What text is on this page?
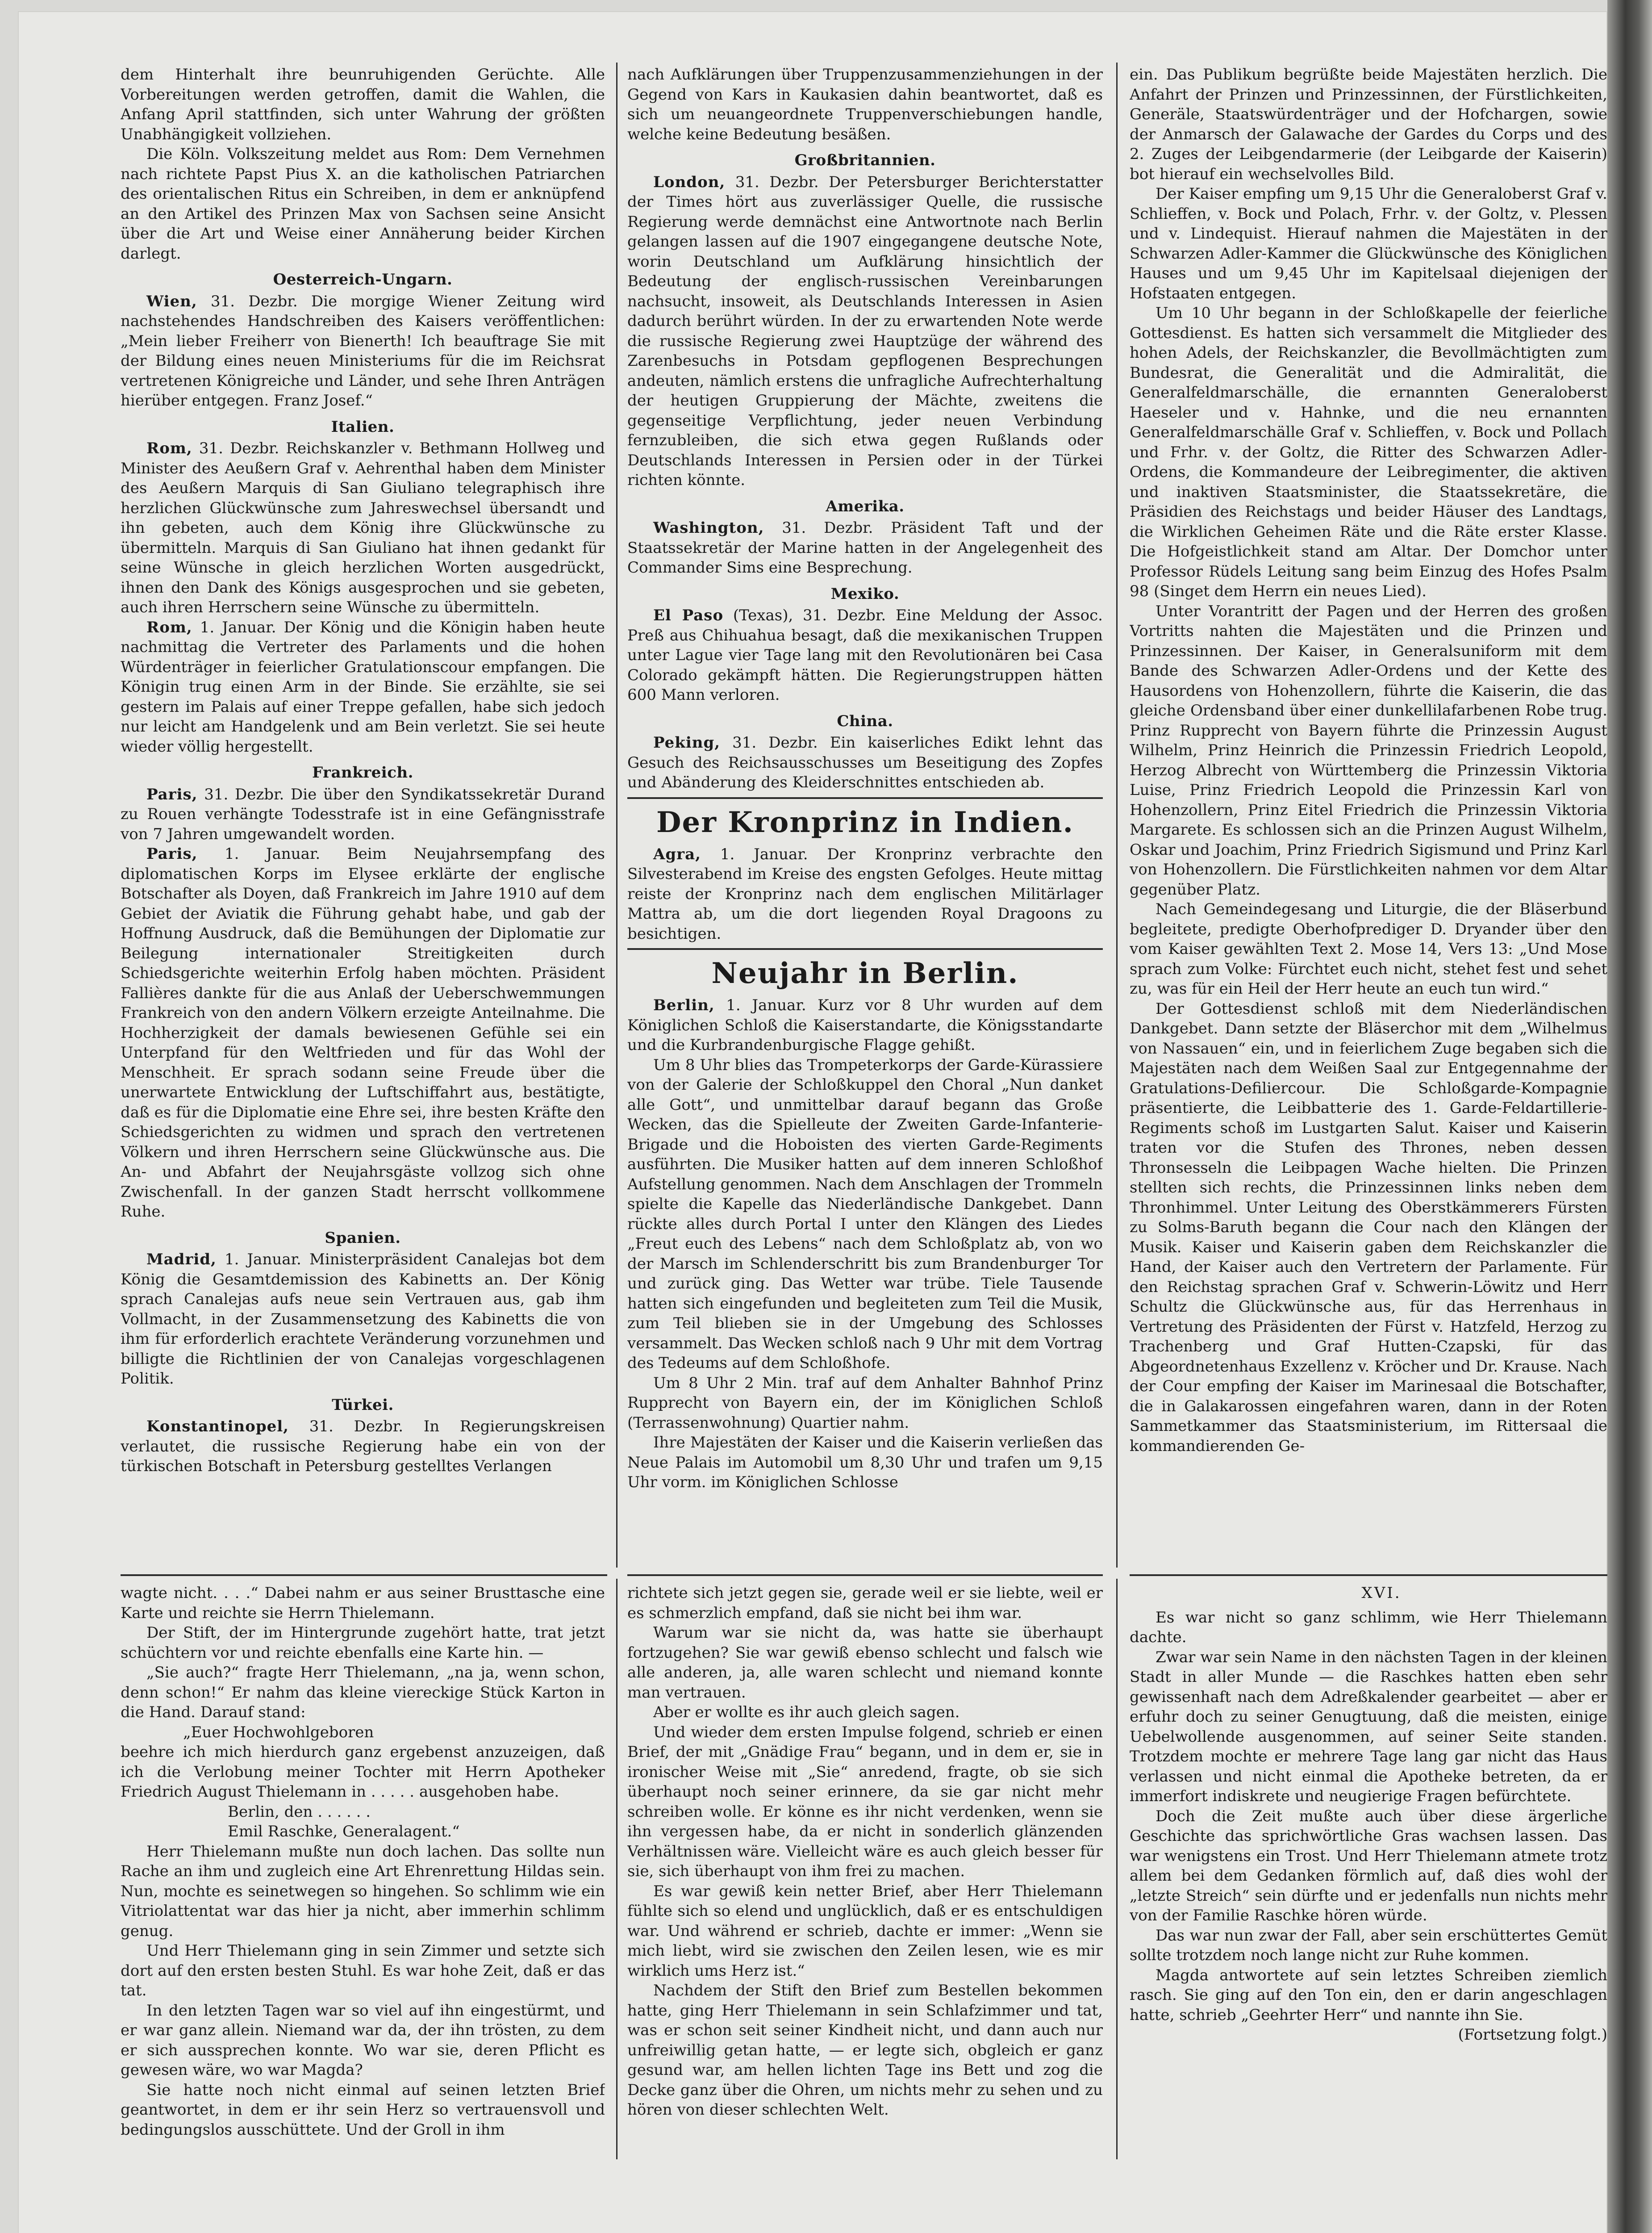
dem Hinterhalt ihre beunruhigenden Gerüchte. Alle Vorbereitungen werden getroffen, damit die Wahlen, die Anfang April stattfinden, sich unter Wahrung der größten Unabhängigkeit vollziehen.

Die Köln. Volkszeitung meldet aus Rom: Dem Vernehmen nach richtete Papst Pius X. an die katholischen Patriarchen des orientalischen Ritus ein Schreiben, in dem er anknüpfend an den Artikel des Prinzen Max von Sachsen seine Ansicht über die Art und Weise einer Annäherung beider Kirchen darlegt.

Oesterreich-Ungarn.

Wien, 31. Dezbr. Die morgige Wiener Zeitung wird nachstehendes Handschreiben des Kaisers veröffentlichen: „Mein lieber Freiherr von Bienerth! Ich beauftrage Sie mit der Bildung eines neuen Ministeriums für die im Reichsrat vertretenen Königreiche und Länder, und sehe Ihren Anträgen hierüber entgegen. Franz Josef.“

Italien.

Rom, 31. Dezbr. Reichskanzler v. Bethmann Hollweg und Minister des Aeußern Graf v. Aehrenthal haben dem Minister des Aeußern Marquis di San Giuliano telegraphisch ihre herzlichen Glückwünsche zum Jahreswechsel übersandt und ihn gebeten, auch dem König ihre Glückwünsche zu übermitteln. Marquis di San Giuliano hat ihnen gedankt für seine Wünsche in gleich herzlichen Worten ausgedrückt, ihnen den Dank des Königs ausgesprochen und sie gebeten, auch ihren Herrschern seine Wünsche zu übermitteln.

Rom, 1. Januar. Der König und die Königin haben heute nachmittag die Vertreter des Parlaments und die hohen Würdenträger in feierlicher Gratulationscour empfangen. Die Königin trug einen Arm in der Binde. Sie erzählte, sie sei gestern im Palais auf einer Treppe gefallen, habe sich jedoch nur leicht am Handgelenk und am Bein verletzt. Sie sei heute wieder völlig hergestellt.

Frankreich.

Paris, 31. Dezbr. Die über den Syndikatssekretär Durand zu Rouen verhängte Todesstrafe ist in eine Gefängnisstrafe von 7 Jahren umgewandelt worden.

Paris, 1. Januar. Beim Neujahrsempfang des diplomatischen Korps im Elysee erklärte der englische Botschafter als Doyen, daß Frankreich im Jahre 1910 auf dem Gebiet der Aviatik die Führung gehabt habe, und gab der Hoffnung Ausdruck, daß die Bemühungen der Diplomatie zur Beilegung internationaler Streitigkeiten durch Schiedsgerichte weiterhin Erfolg haben möchten. Präsident Fallières dankte für die aus Anlaß der Ueberschwemmungen Frankreich von den andern Völkern erzeigte Anteilnahme. Die Hochherzigkeit der damals bewiesenen Gefühle sei ein Unterpfand für den Weltfrieden und für das Wohl der Menschheit. Er sprach sodann seine Freude über die unerwartete Entwicklung der Luftschiffahrt aus, bestätigte, daß es für die Diplomatie eine Ehre sei, ihre besten Kräfte den Schiedsgerichten zu widmen und sprach den vertretenen Völkern und ihren Herrschern seine Glückwünsche aus. Die An- und Abfahrt der Neujahrsgäste vollzog sich ohne Zwischenfall. In der ganzen Stadt herrscht vollkommene Ruhe.

Spanien.

Madrid, 1. Januar. Ministerpräsident Canalejas bot dem König die Gesamtdemission des Kabinetts an. Der König sprach Canalejas aufs neue sein Vertrauen aus, gab ihm Vollmacht, in der Zusammensetzung des Kabinetts die von ihm für erforderlich erachtete Veränderung vorzunehmen und billigte die Richtlinien der von Canalejas vorgeschlagenen Politik.

Türkei.

Konstantinopel, 31. Dezbr. In Regierungskreisen verlautet, die russische Regierung habe ein von der türkischen Botschaft in Petersburg gestelltes Verlangen

nach Aufklärungen über Truppenzusammenziehungen in der Gegend von Kars in Kaukasien dahin beantwortet, daß es sich um neuangeordnete Truppenverschiebungen handle, welche keine Bedeutung besäßen.

Großbritannien.

London, 31. Dezbr. Der Petersburger Berichterstatter der Times hört aus zuverlässiger Quelle, die russische Regierung werde demnächst eine Antwortnote nach Berlin gelangen lassen auf die 1907 eingegangene deutsche Note, worin Deutschland um Aufklärung hinsichtlich der Bedeutung der englisch-russischen Vereinbarungen nachsucht, insoweit, als Deutschlands Interessen in Asien dadurch berührt würden. In der zu erwartenden Note werde die russische Regierung zwei Hauptzüge der während des Zarenbesuchs in Potsdam gepflogenen Besprechungen andeuten, nämlich erstens die unfragliche Aufrechterhaltung der heutigen Gruppierung der Mächte, zweitens die gegenseitige Verpflichtung, jeder neuen Verbindung fernzubleiben, die sich etwa gegen Rußlands oder Deutschlands Interessen in Persien oder in der Türkei richten könnte.

Amerika.

Washington, 31. Dezbr. Präsident Taft und der Staatssekretär der Marine hatten in der Angelegenheit des Commander Sims eine Besprechung.

Mexiko.

El Paso (Texas), 31. Dezbr. Eine Meldung der Assoc. Preß aus Chihuahua besagt, daß die mexikanischen Truppen unter Lague vier Tage lang mit den Revolutionären bei Casa Colorado gekämpft hätten. Die Regierungstruppen hätten 600 Mann verloren.

China.

Peking, 31. Dezbr. Ein kaiserliches Edikt lehnt das Gesuch des Reichsausschusses um Beseitigung des Zopfes und Abänderung des Kleiderschnittes entschieden ab.

Der Kronprinz in Indien.

Agra, 1. Januar. Der Kronprinz verbrachte den Silvesterabend im Kreise des engsten Gefolges. Heute mittag reiste der Kronprinz nach dem englischen Militärlager Mattra ab, um die dort liegenden Royal Dragoons zu besichtigen.

Neujahr in Berlin.

Berlin, 1. Januar. Kurz vor 8 Uhr wurden auf dem Königlichen Schloß die Kaiserstandarte, die Königsstandarte und die Kurbrandenburgische Flagge gehißt.

Um 8 Uhr blies das Trompeterkorps der Garde-Kürassiere von der Galerie der Schloßkuppel den Choral „Nun danket alle Gott“, und unmittelbar darauf begann das Große Wecken, das die Spielleute der Zweiten Garde-Infanterie-Brigade und die Hoboisten des vierten Garde-Regiments ausführten. Die Musiker hatten auf dem inneren Schloßhof Aufstellung genommen. Nach dem Anschlagen der Trommeln spielte die Kapelle das Niederländische Dankgebet. Dann rückte alles durch Portal I unter den Klängen des Liedes „Freut euch des Lebens“ nach dem Schloßplatz ab, von wo der Marsch im Schlenderschritt bis zum Brandenburger Tor und zurück ging. Das Wetter war trübe. Tiele Tausende hatten sich eingefunden und begleiteten zum Teil die Musik, zum Teil blieben sie in der Umgebung des Schlosses versammelt. Das Wecken schloß nach 9 Uhr mit dem Vortrag des Tedeums auf dem Schloßhofe.

Um 8 Uhr 2 Min. traf auf dem Anhalter Bahnhof Prinz Rupprecht von Bayern ein, der im Königlichen Schloß (Terrassenwohnung) Quartier nahm.

Ihre Majestäten der Kaiser und die Kaiserin verließen das Neue Palais im Automobil um 8,30 Uhr und trafen um 9,15 Uhr vorm. im Königlichen Schlosse

ein. Das Publikum begrüßte beide Majestäten herzlich. Die Anfahrt der Prinzen und Prinzessinnen, der Fürstlichkeiten, Generäle, Staatswürdenträger und der Hofchargen, sowie der Anmarsch der Galawache der Gardes du Corps und des 2. Zuges der Leibgendarmerie (der Leibgarde der Kaiserin) bot hierauf ein wechselvolles Bild.

Der Kaiser empfing um 9,15 Uhr die Generaloberst Graf v. Schlieffen, v. Bock und Polach, Frhr. v. der Goltz, v. Plessen und v. Lindequist. Hierauf nahmen die Majestäten in der Schwarzen Adler-Kammer die Glückwünsche des Königlichen Hauses und um 9,45 Uhr im Kapitelsaal diejenigen der Hofstaaten entgegen.

Um 10 Uhr begann in der Schloßkapelle der feierliche Gottesdienst. Es hatten sich versammelt die Mitglieder des hohen Adels, der Reichskanzler, die Bevollmächtigten zum Bundesrat, die Generalität und die Admiralität, die Generalfeldmarschälle, die ernannten Generaloberst Haeseler und v. Hahnke, und die neu ernannten Generalfeldmarschälle Graf v. Schlieffen, v. Bock und Pollach und Frhr. v. der Goltz, die Ritter des Schwarzen Adler-Ordens, die Kommandeure der Leibregimenter, die aktiven und inaktiven Staatsminister, die Staatssekretäre, die Präsidien des Reichstags und beider Häuser des Landtags, die Wirklichen Geheimen Räte und die Räte erster Klasse. Die Hofgeistlichkeit stand am Altar. Der Domchor unter Professor Rüdels Leitung sang beim Einzug des Hofes Psalm 98 (Singet dem Herrn ein neues Lied).

Unter Vorantritt der Pagen und der Herren des großen Vortritts nahten die Majestäten und die Prinzen und Prinzessinnen. Der Kaiser, in Generalsuniform mit dem Bande des Schwarzen Adler-Ordens und der Kette des Hausordens von Hohenzollern, führte die Kaiserin, die das gleiche Ordensband über einer dunkellilafarbenen Robe trug. Prinz Rupprecht von Bayern führte die Prinzessin August Wilhelm, Prinz Heinrich die Prinzessin Friedrich Leopold, Herzog Albrecht von Württemberg die Prinzessin Viktoria Luise, Prinz Friedrich Leopold die Prinzessin Karl von Hohenzollern, Prinz Eitel Friedrich die Prinzessin Viktoria Margarete. Es schlossen sich an die Prinzen August Wilhelm, Oskar und Joachim, Prinz Friedrich Sigismund und Prinz Karl von Hohenzollern. Die Fürstlichkeiten nahmen vor dem Altar gegenüber Platz.

Nach Gemeindegesang und Liturgie, die der Bläserbund begleitete, predigte Oberhofprediger D. Dryander über den vom Kaiser gewählten Text 2. Mose 14, Vers 13: „Und Mose sprach zum Volke: Fürchtet euch nicht, stehet fest und sehet zu, was für ein Heil der Herr heute an euch tun wird.“

Der Gottesdienst schloß mit dem Niederländischen Dankgebet. Dann setzte der Bläserchor mit dem „Wilhelmus von Nassauen“ ein, und in feierlichem Zuge begaben sich die Majestäten nach dem Weißen Saal zur Entgegennahme der Gratulations-Defiliercour. Die Schloßgarde-Kompagnie präsentierte, die Leibbatterie des 1. Garde-Feldartillerie-Regiments schoß im Lustgarten Salut. Kaiser und Kaiserin traten vor die Stufen des Thrones, neben dessen Thronsesseln die Leibpagen Wache hielten. Die Prinzen stellten sich rechts, die Prinzessinnen links neben dem Thronhimmel. Unter Leitung des Oberstkämmerers Fürsten zu Solms-Baruth begann die Cour nach den Klängen der Musik. Kaiser und Kaiserin gaben dem Reichskanzler die Hand, der Kaiser auch den Vertretern der Parlamente. Für den Reichstag sprachen Graf v. Schwerin-Löwitz und Herr Schultz die Glückwünsche aus, für das Herrenhaus in Vertretung des Präsidenten der Fürst v. Hatzfeld, Herzog zu Trachenberg und Graf Hutten-Czapski, für das Abgeordnetenhaus Exzellenz v. Kröcher und Dr. Krause. Nach der Cour empfing der Kaiser im Marinesaal die Botschafter, die in Galakarossen eingefahren waren, dann in der Roten Sammetkammer das Staatsministerium, im Rittersaal die kommandierenden Ge-

wagte nicht. . . .“ Dabei nahm er aus seiner Brusttasche eine Karte und reichte sie Herrn Thielemann.

Der Stift, der im Hintergrunde zugehört hatte, trat jetzt schüchtern vor und reichte ebenfalls eine Karte hin. —

„Sie auch?“ fragte Herr Thielemann, „na ja, wenn schon, denn schon!“ Er nahm das kleine viereckige Stück Karton in die Hand. Darauf stand:

„Euer Hochwohlgeboren

beehre ich mich hierdurch ganz ergebenst anzuzeigen, daß ich die Verlobung meiner Tochter mit Herrn Apotheker Friedrich August Thielemann in . . . . . ausgehoben habe.

Berlin, den . . . . . .

Emil Raschke, Generalagent.“

Herr Thielemann mußte nun doch lachen. Das sollte nun Rache an ihm und zugleich eine Art Ehrenrettung Hildas sein. Nun, mochte es seinetwegen so hingehen. So schlimm wie ein Vitriolattentat war das hier ja nicht, aber immerhin schlimm genug.

Und Herr Thielemann ging in sein Zimmer und setzte sich dort auf den ersten besten Stuhl. Es war hohe Zeit, daß er das tat.

In den letzten Tagen war so viel auf ihn eingestürmt, und er war ganz allein. Niemand war da, der ihn trösten, zu dem er sich aussprechen konnte. Wo war sie, deren Pflicht es gewesen wäre, wo war Magda?

Sie hatte noch nicht einmal auf seinen letzten Brief geantwortet, in dem er ihr sein Herz so vertrauensvoll und bedingungslos ausschüttete. Und der Groll in ihm

richtete sich jetzt gegen sie, gerade weil er sie liebte, weil er es schmerzlich empfand, daß sie nicht bei ihm war.

Warum war sie nicht da, was hatte sie überhaupt fortzugehen? Sie war gewiß ebenso schlecht und falsch wie alle anderen, ja, alle waren schlecht und niemand konnte man vertrauen.

Aber er wollte es ihr auch gleich sagen.

Und wieder dem ersten Impulse folgend, schrieb er einen Brief, der mit „Gnädige Frau“ begann, und in dem er, sie in ironischer Weise mit „Sie“ anredend, fragte, ob sie sich überhaupt noch seiner erinnere, da sie gar nicht mehr schreiben wolle. Er könne es ihr nicht verdenken, wenn sie ihn vergessen habe, da er nicht in sonderlich glänzenden Verhältnissen wäre. Vielleicht wäre es auch gleich besser für sie, sich überhaupt von ihm frei zu machen.

Es war gewiß kein netter Brief, aber Herr Thielemann fühlte sich so elend und unglücklich, daß er es entschuldigen war. Und während er schrieb, dachte er immer: „Wenn sie mich liebt, wird sie zwischen den Zeilen lesen, wie es mir wirklich ums Herz ist.“

Nachdem der Stift den Brief zum Bestellen bekommen hatte, ging Herr Thielemann in sein Schlafzimmer und tat, was er schon seit seiner Kindheit nicht, und dann auch nur unfreiwillig getan hatte, — er legte sich, obgleich er ganz gesund war, am hellen lichten Tage ins Bett und zog die Decke ganz über die Ohren, um nichts mehr zu sehen und zu hören von dieser schlechten Welt.

XVI.

Es war nicht so ganz schlimm, wie Herr Thielemann dachte.

Zwar war sein Name in den nächsten Tagen in der kleinen Stadt in aller Munde — die Raschkes hatten eben sehr gewissenhaft nach dem Adreßkalender gearbeitet — aber er erfuhr doch zu seiner Genugtuung, daß die meisten, einige Uebelwollende ausgenommen, auf seiner Seite standen. Trotzdem mochte er mehrere Tage lang gar nicht das Haus verlassen und nicht einmal die Apotheke betreten, da er immerfort indiskrete und neugierige Fragen befürchtete.

Doch die Zeit mußte auch über diese ärgerliche Geschichte das sprichwörtliche Gras wachsen lassen. Das war wenigstens ein Trost. Und Herr Thielemann atmete trotz allem bei dem Gedanken förmlich auf, daß dies wohl der „letzte Streich“ sein dürfte und er jedenfalls nun nichts mehr von der Familie Raschke hören würde.

Das war nun zwar der Fall, aber sein erschüttertes Gemüt sollte trotzdem noch lange nicht zur Ruhe kommen.

Magda antwortete auf sein letztes Schreiben ziemlich rasch. Sie ging auf den Ton ein, den er darin angeschlagen hatte, schrieb „Geehrter Herr“ und nannte ihn Sie.

(Fortsetzung folgt.)
